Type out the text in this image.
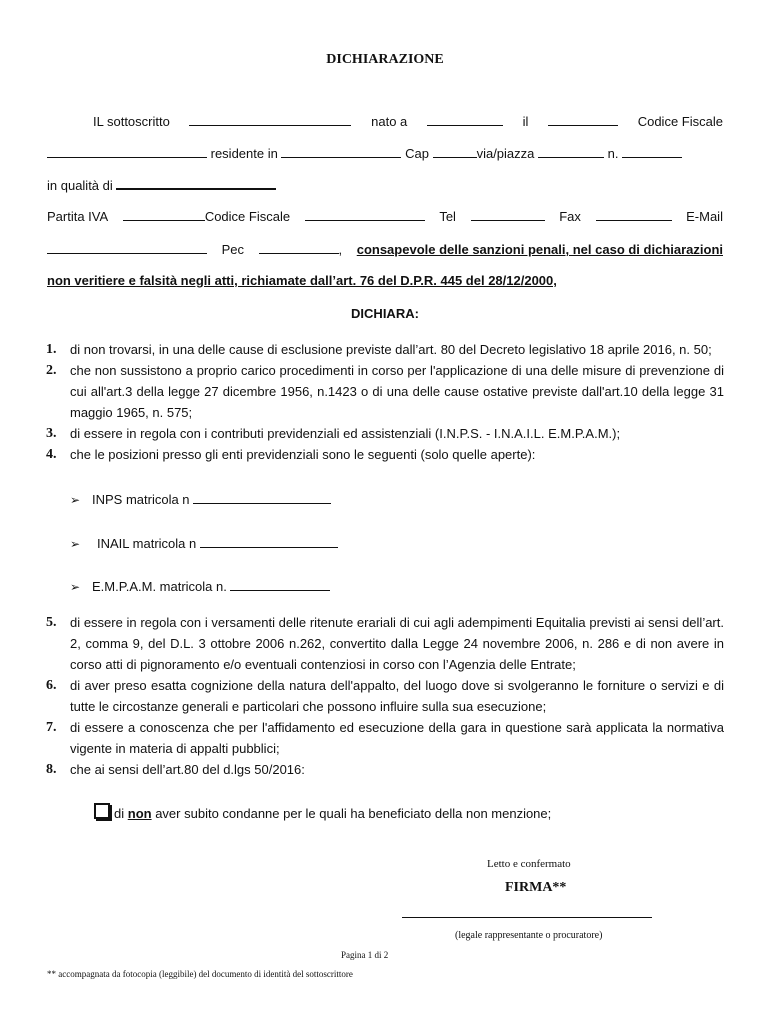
DICHIARAZIONE
IL sottoscritto	nato a	il	Codice Fiscale
residente in	Cap	via/piazza	n.
in qualità di
Partita IVA	Codice Fiscale	Tel	Fax	E-Mail
Pec	, consapevole delle sanzioni penali, nel caso di dichiarazioni
non veritiere e falsità negli atti, richiamate dall’art. 76 del D.P.R. 445 del 28/12/2000,
DICHIARA:
1. di non trovarsi, in una delle cause di esclusione previste dall’art. 80 del Decreto legislativo 18 aprile 2016, n. 50;
2. che non sussistono a proprio carico procedimenti in corso per l'applicazione di una delle misure di prevenzione di cui all'art.3 della legge 27 dicembre 1956, n.1423 o di una delle cause ostative previste dall'art.10 della legge 31 maggio 1965, n. 575;
3. di essere in regola con i contributi previdenziali ed assistenziali (I.N.P.S. - I.N.A.I.L. E.M.P.A.M.);
4. che le posizioni presso gli enti previdenziali sono le seguenti (solo quelle aperte):
➢ INPS matricola n
➢ INAIL matricola n
➢ E.M.P.A.M. matricola n.
5. di essere in regola con i versamenti delle ritenute erariali di cui agli adempimenti Equitalia previsti ai sensi dell’art. 2, comma 9, del D.L. 3 ottobre 2006 n.262, convertito dalla Legge 24 novembre 2006, n. 286 e di non avere in corso atti di pignoramento e/o eventuali contenziosi in corso con l’Agenzia delle Entrate;
6. di aver preso esatta cognizione della natura dell'appalto, del luogo dove si svolgeranno le forniture o servizi e di tutte le circostanze generali e particolari che possono influire sulla sua esecuzione;
7. di essere a conoscenza che per l'affidamento ed esecuzione della gara in questione sarà applicata la normativa vigente in materia di appalti pubblici;
8. che ai sensi dell’art.80 del d.lgs 50/2016:
di non aver subito condanne per le quali ha beneficiato della non menzione;
Letto e confermato
FIRMA**
(legale rappresentante o procuratore)
Pagina 1 di 2
** accompagnata da fotocopia (leggibile) del documento di identità del sottoscrittore
